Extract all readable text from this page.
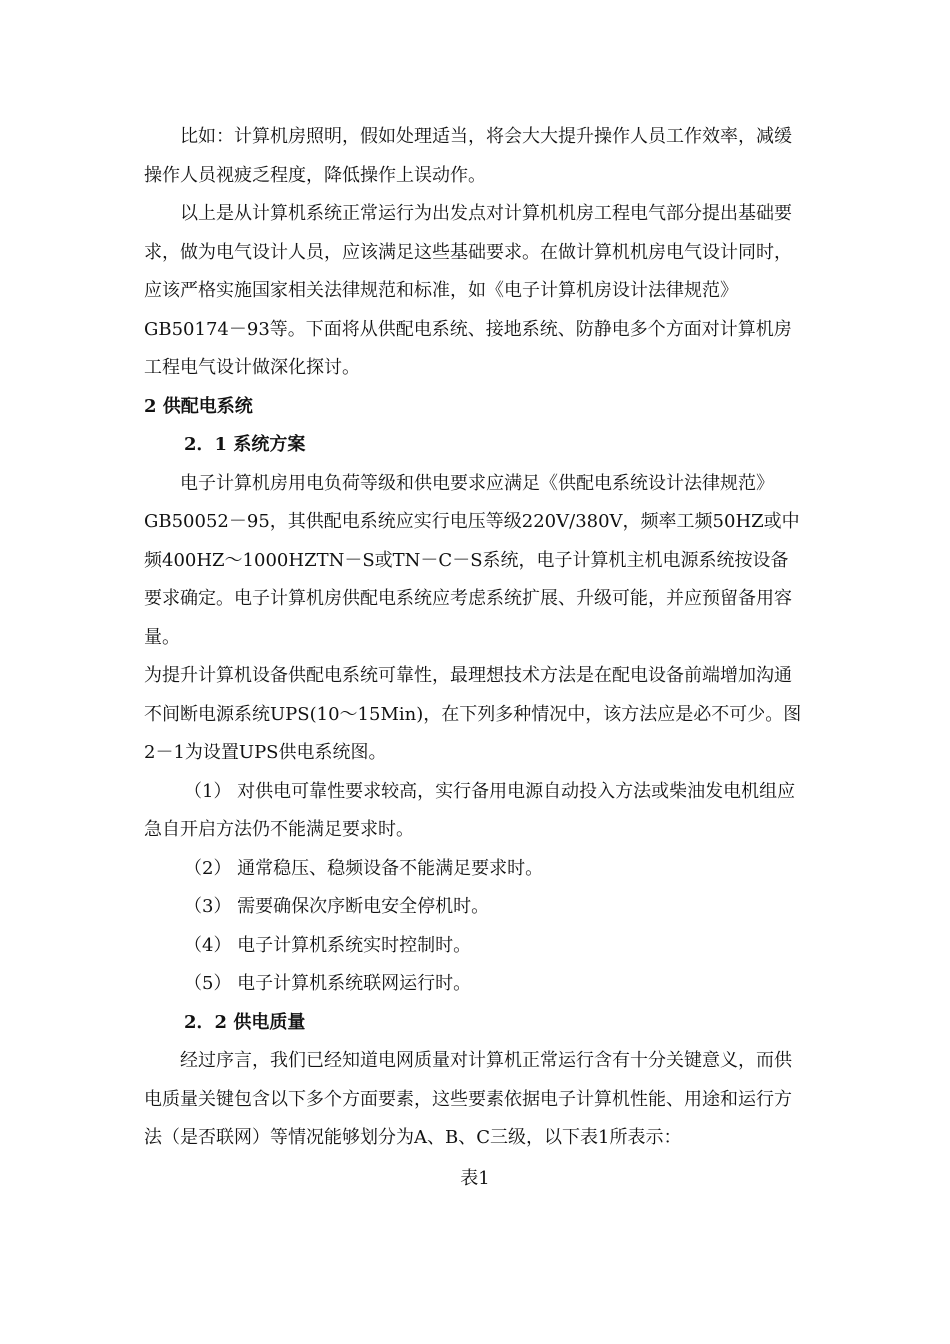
比如：计算机房照明，假如处理适当，将会大大提升操作人员工作效率，减缓操作人员视疲乏程度，降低操作上误动作。

以上是从计算机系统正常运行为出发点对计算机机房工程电气部分提出基础要求，做为电气设计人员，应该满足这些基础要求。在做计算机机房电气设计同时，应该严格实施国家相关法律规范和标准，如《电子计算机房设计法律规范》GB50174－93等。下面将从供配电系统、接地系统、防静电多个方面对计算机房工程电气设计做深化探讨。

2 供配电系统

2．1 系统方案

电子计算机房用电负荷等级和供电要求应满足《供配电系统设计法律规范》GB50052－95，其供配电系统应实行电压等级220V/380V，频率工频50HZ或中频400HZ～1000HZTN－S或TN－C－S系统，电子计算机主机电源系统按设备要求确定。电子计算机房供配电系统应考虑系统扩展、升级可能，并应预留备用容量。

为提升计算机设备供配电系统可靠性，最理想技术方法是在配电设备前端增加沟通不间断电源系统UPS(10～15Min)，在下列多种情况中，该方法应是必不可少。图2－1为设置UPS供电系统图。

（1） 对供电可靠性要求较高，实行备用电源自动投入方法或柴油发电机组应急自开启方法仍不能满足要求时。

（2） 通常稳压、稳频设备不能满足要求时。

（3） 需要确保次序断电安全停机时。

（4） 电子计算机系统实时控制时。

（5） 电子计算机系统联网运行时。

2．2 供电质量

经过序言，我们已经知道电网质量对计算机正常运行含有十分关键意义，而供电质量关键包含以下多个方面要素，这些要素依据电子计算机性能、用途和运行方法（是否联网）等情况能够划分为A、B、C三级，以下表1所表示：

表1
